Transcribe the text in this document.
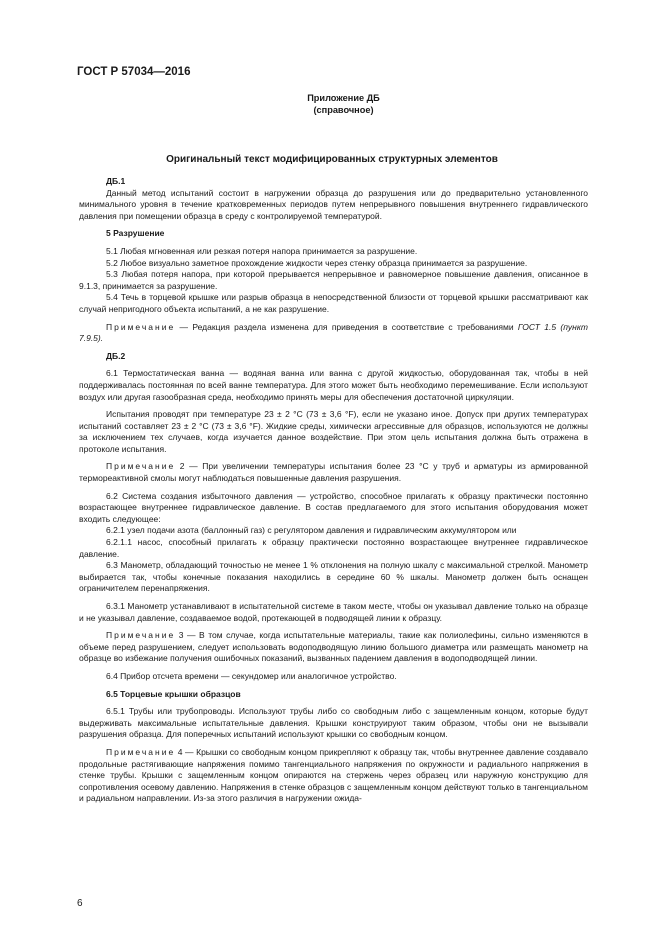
ГОСТ Р 57034—2016
Приложение ДБ
(справочное)
Оригинальный текст модифицированных структурных элементов

ДБ.1

Данный метод испытаний состоит в нагружении образца до разрушения или до предварительно установленного минимального уровня в течение кратковременных периодов путем непрерывного повышения внутреннего гидравлического давления при помещении образца в среду с контролируемой температурой.

5 Разрушение

5.1 Любая мгновенная или резкая потеря напора принимается за разрушение.

5.2 Любое визуально заметное прохождение жидкости через стенку образца принимается за разрушение.

5.3 Любая потеря напора, при которой прерывается непрерывное и равномерное повышение давления, описанное в 9.1.3, принимается за разрушение.

5.4 Течь в торцевой крышке или разрыв образца в непосредственной близости от торцевой крышки рассматривают как случай непригодного объекта испытаний, а не как разрушение.

Примечание — Редакция раздела изменена для приведения в соответствие с требованиями ГОСТ 1.5 (пункт 7.9.5).

ДБ.2

6.1 Термостатическая ванна — водяная ванна или ванна с другой жидкостью, оборудованная так, чтобы в ней поддерживалась постоянная по всей ванне температура. Для этого может быть необходимо перемешивание. Если используют воздух или другая газообразная среда, необходимо принять меры для обеспечения достаточной циркуляции.

Испытания проводят при температуре 23 ± 2 °С (73 ± 3,6 °F), если не указано иное. Допуск при других температурах испытаний составляет 23 ± 2 °С (73 ± 3,6 °F). Жидкие среды, химически агрессивные для образцов, используются не должны за исключением тех случаев, когда изучается данное воздействие. При этом цель испытания должна быть отражена в протоколе испытания.

Примечание 2 — При увеличении температуры испытания более 23 °С у труб и арматуры из армированной термореактивной смолы могут наблюдаться повышенные давления разрушения.

6.2 Система создания избыточного давления — устройство, способное прилагать к образцу практически постоянно возрастающее внутреннее гидравлическое давление. В состав предлагаемого для этого испытания оборудования может входить следующее:

6.2.1 узел подачи азота (баллонный газ) с регулятором давления и гидравлическим аккумулятором или

6.2.1.1 насос, способный прилагать к образцу практически постоянно возрастающее внутреннее гидравлическое давление.

6.3 Манометр, обладающий точностью не менее 1 % отклонения на полную шкалу с максимальной стрелкой. Манометр выбирается так, чтобы конечные показания находились в середине 60 % шкалы. Манометр должен быть оснащен ограничителем перенапряжения.

6.3.1 Манометр устанавливают в испытательной системе в таком месте, чтобы он указывал давление только на образце и не указывал давление, создаваемое водой, протекающей в подводящей линии к образцу.

Примечание 3 — В том случае, когда испытательные материалы, такие как полиолефины, сильно изменяются в объеме перед разрушением, следует использовать водоподводящую линию большого диаметра или размещать манометр на образце во избежание получения ошибочных показаний, вызванных падением давления в водоподводящей линии.

6.4 Прибор отсчета времени — секундомер или аналогичное устройство.

6.5 Торцевые крышки образцов

6.5.1 Трубы или трубопроводы. Используют трубы либо со свободным либо с защемленным концом, которые будут выдерживать максимальные испытательные давления. Крышки конструируют таким образом, чтобы они не вызывали разрушения образца. Для поперечных испытаний используют крышки со свободным концом.

Примечание 4 — Крышки со свободным концом прикрепляют к образцу так, чтобы внутреннее давление создавало продольные растягивающие напряжения помимо тангенциального напряжения по окружности и радиального напряжения в стенке трубы. Крышки с защемленным концом опираются на стержень через образец или наружную конструкцию для сопротивления осевому давлению. Напряжения в стенке образцов с защемленным концом действуют только в тангенциальном и радиальном направлении. Из-за этого различия в нагружении ожида-

6
